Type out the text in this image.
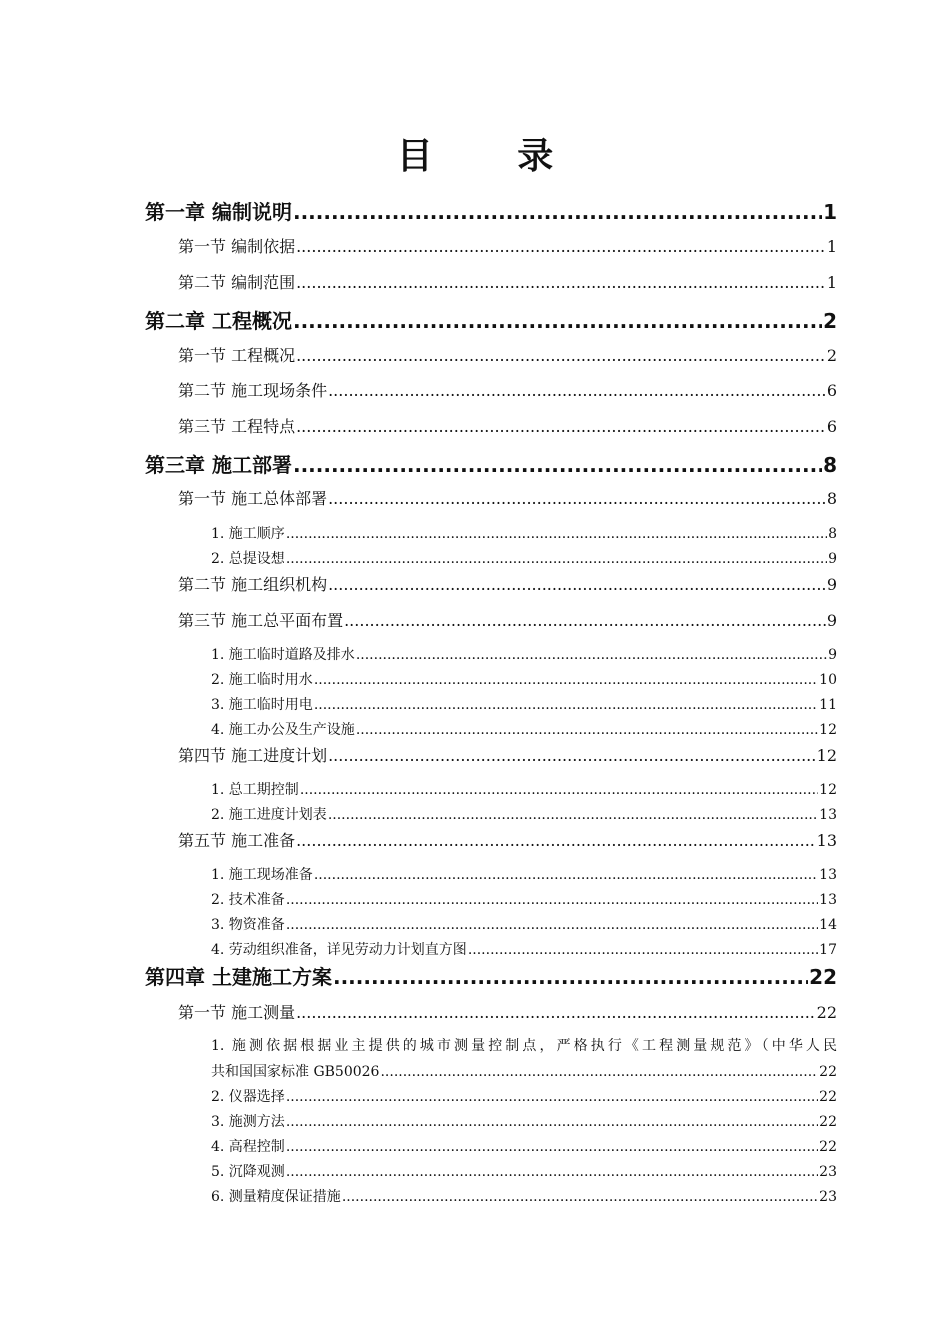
目 录
第一章 编制说明 .....	1
第一节 编制依据 .....	1
第二节 编制范围 .....	1
第二章 工程概况 .....	2
第一节 工程概况 .....	2
第二节 施工现场条件 .....	6
第三节 工程特点 .....	6
第三章 施工部署 .....	8
第一节 施工总体部署 .....	8
1. 施工顺序 .....	8
2. 总提设想 .....	9
第二节 施工组织机构 .....	9
第三节 施工总平面布置 .....	9
1. 施工临时道路及排水 .....	9
2. 施工临时用水 .....	10
3. 施工临时用电 .....	11
4. 施工办公及生产设施 .....	12
第四节 施工进度计划 .....	12
1. 总工期控制 .....	12
2. 施工进度计划表 .....	13
第五节 施工准备 .....	13
1. 施工现场准备 .....	13
2. 技术准备 .....	13
3. 物资准备 .....	14
4. 劳动组织准备，详见劳动力计划直方图 .....	17
第四章 土建施工方案 .....	22
第一节 施工测量 .....	22
1. 施测依据根据业主提供的城市测量控制点，严格执行《工程测量规范》（中华人民
共和国国家标准 GB50026 .....	22
2. 仪器选择 .....	22
3. 施测方法 .....	22
4. 高程控制 .....	22
5. 沉降观测 .....	23
6. 测量精度保证措施 .....	23
